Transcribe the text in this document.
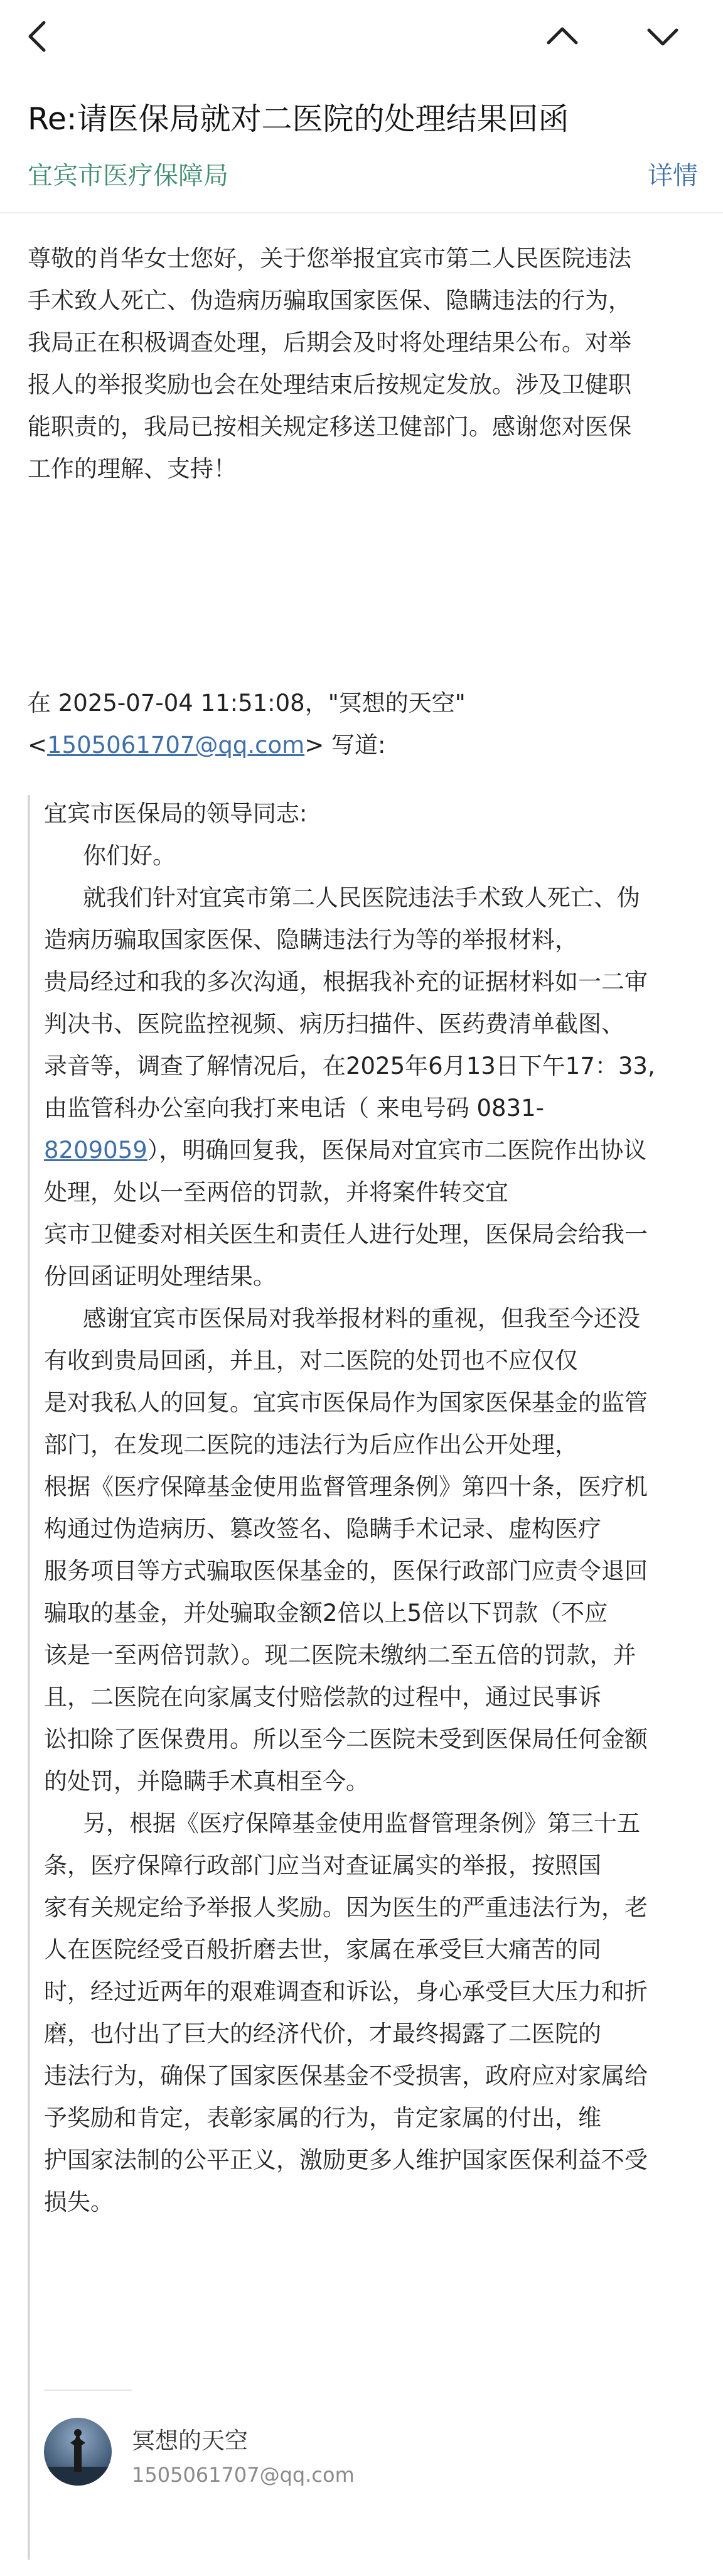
Re:请医保局就对二医院的处理结果回函
宜宾市医疗保障局	详情

尊敬的肖华女士您好，关于您举报宜宾市第二人民医院违法

手术致人死亡、伪造病历骗取国家医保、隐瞒违法的行为，

我局正在积极调查处理，后期会及时将处理结果公布。对举

报人的举报奖励也会在处理结束后按规定发放。涉及卫健职

能职责的，我局已按相关规定移送卫健部门。感谢您对医保

工作的理解、支持！

在 2025-07-04 11:51:08，"冥想的天空"

<1505061707@qq.com> 写道:

宜宾市医保局的领导同志:

你们好。

就我们针对宜宾市第二人民医院违法手术致人死亡、伪

造病历骗取国家医保、隐瞒违法行为等的举报材料，

贵局经过和我的多次沟通，根据我补充的证据材料如一二审

判决书、医院监控视频、病历扫描件、医药费清单截图、

录音等，调查了解情况后，在2025年6月13日下午17：33,

由监管科办公室向我打来电话（ 来电号码 0831-

8209059），明确回复我，医保局对宜宾市二医院作出协议

处理，处以一至两倍的罚款，并将案件转交宜

宾市卫健委对相关医生和责任人进行处理，医保局会给我一

份回函证明处理结果。

感谢宜宾市医保局对我举报材料的重视，但我至今还没

有收到贵局回函，并且，对二医院的处罚也不应仅仅

是对我私人的回复。宜宾市医保局作为国家医保基金的监管

部门，在发现二医院的违法行为后应作出公开处理，

根据《医疗保障基金使用监督管理条例》第四十条，医疗机

构通过伪造病历、篡改签名、隐瞒手术记录、虚构医疗

服务项目等方式骗取医保基金的，医保行政部门应责令退回

骗取的基金，并处骗取金额2倍以上5倍以下罚款（不应

该是一至两倍罚款）。现二医院未缴纳二至五倍的罚款，并

且，二医院在向家属支付赔偿款的过程中，通过民事诉

讼扣除了医保费用。所以至今二医院未受到医保局任何金额

的处罚，并隐瞒手术真相至今。

另，根据《医疗保障基金使用监督管理条例》第三十五

条，医疗保障行政部门应当对查证属实的举报，按照国

家有关规定给予举报人奖励。因为医生的严重违法行为，老

人在医院经受百般折磨去世，家属在承受巨大痛苦的同

时，经过近两年的艰难调查和诉讼，身心承受巨大压力和折

磨，也付出了巨大的经济代价，才最终揭露了二医院的

违法行为，确保了国家医保基金不受损害，政府应对家属给

予奖励和肯定，表彰家属的行为，肯定家属的付出，维

护国家法制的公平正义，激励更多人维护国家医保利益不受

损失。

冥想的天空
1505061707@qq.com
